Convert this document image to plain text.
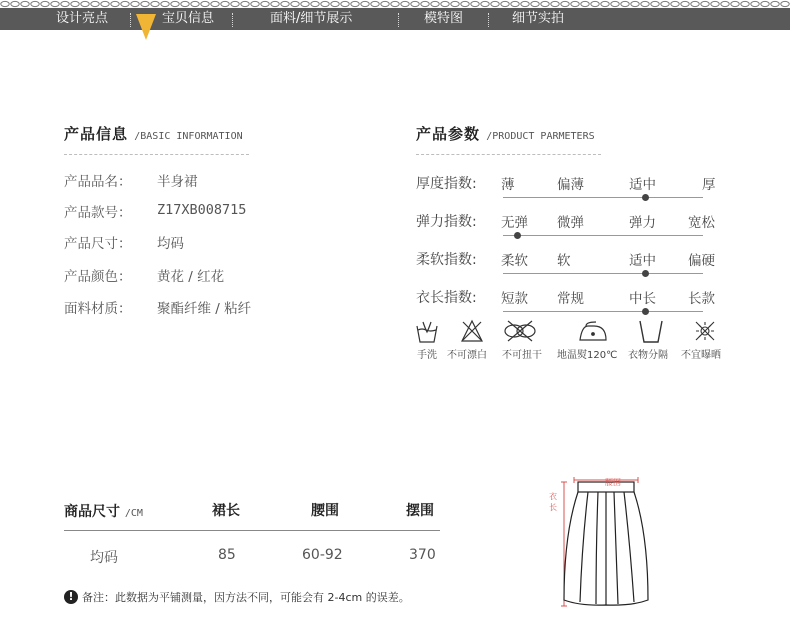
设计亮点	宝贝信息	面料/细节展示	模特图	细节实拍
产品信息 /BASIC INFORMATION
产品品名： 半身裙
产品款号： Z17XB008715
产品尺寸： 均码
产品颜色： 黄花 / 红花
面料材质： 聚酯纤维 / 粘纤
产品参数 /PRODUCT PARMETERS
厚度指数: 薄	偏薄	适中	厚
弹力指数: 无弹 微弹	弹力 宽松
柔软指数: 柔软 软	适中 偏硬
衣长指数: 短款 常规	中长 长款
手洗 不可漂白 不可扭干 地温熨120℃ 衣物分隔 不宜曝晒
商品尺寸 /CM	裙长	腰围	摆围
均码	85	60-92	370
! 备注：此数据为平铺测量，因方法不同，可能会有 2-4cm 的误差。
腰围
衣
长
